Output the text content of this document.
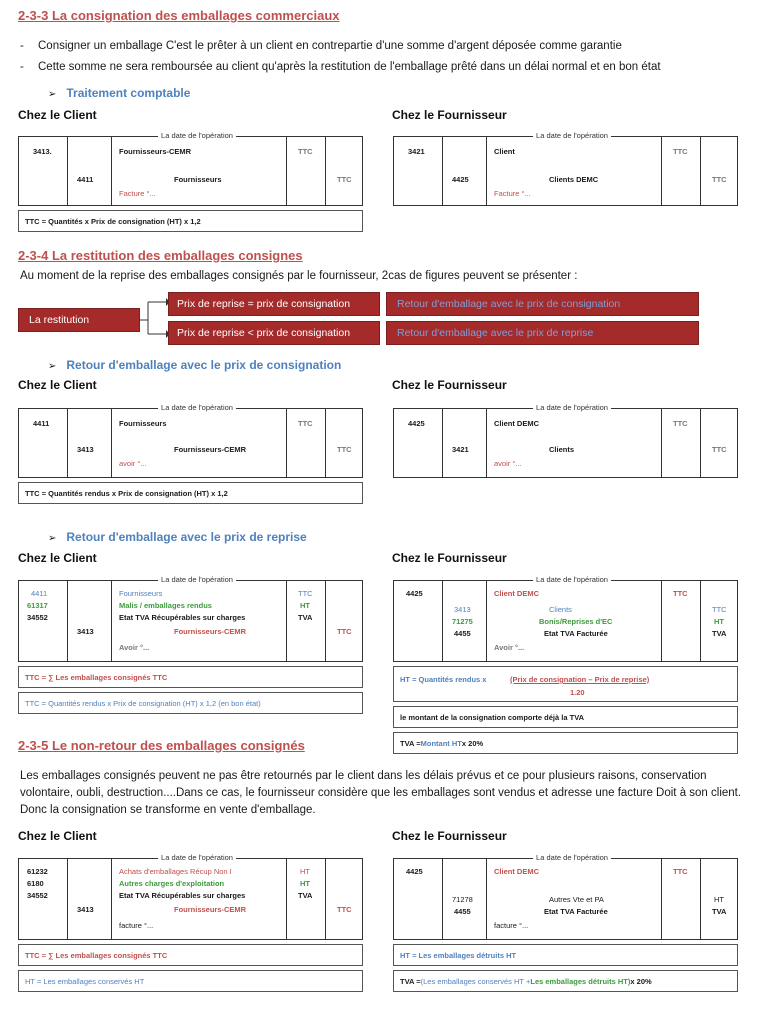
2-3-3 La consignation des emballages commerciaux
- Consigner un emballage C'est le prêter à un client en contrepartie d'une somme d'argent déposée comme garantie
- Cette somme ne sera remboursée au client qu'après la restitution de l'emballage prêté dans un délai normal et en bon état
➢ Traitement comptable
Chez le Client	Chez le Fournisseur
La date de l'opération
3413.	Fournisseurs-CEMR	TTC
4411	Fournisseurs	TTC
Facture °...
TTC = Quantités x Prix de consignation (HT) x 1,2
La date de l'opération
3421	Client	TTC
4425	Clients DEMC	TTC
Facture °...
2-3-4 La restitution des emballages consignes
Au moment de la reprise des emballages consignés par le fournisseur, 2cas de figures peuvent se présenter :
La restitution
Prix de reprise = prix de consignation	Retour d'emballage avec le prix de consignation
Prix de reprise < prix de consignation	Retour d'emballage avec le prix de reprise
➢ Retour d'emballage avec le prix de consignation
Chez le Client	Chez le Fournisseur
La date de l'opération
4411	Fournisseurs	TTC
3413	Fournisseurs-CEMR	TTC
avoir °...
TTC = Quantités rendus x Prix de consignation (HT) x 1,2
La date de l'opération
4425	Client DEMC	TTC
3421	Clients	TTC
avoir °...
➢ Retour d'emballage avec le prix de reprise
Chez le Client	Chez le Fournisseur
La date de l'opération
4411	Fournisseurs	TTC
61317	Malis / emballages rendus	HT
34552	Etat TVA Récupérables sur charges	TVA
3413	Fournisseurs-CEMR	TTC
Avoir °...
TTC = ∑ Les emballages consignés TTC
TTC = Quantités rendus x Prix de consignation (HT) x 1,2 (en bon état)
La date de l'opération
4425	Client DEMC	TTC
3413	Clients	TTC
71275	Bonis/Reprises d'EC	HT
4455	Etat TVA Facturée	TVA
Avoir °...
HT = Quantités rendus x	(Prix de consignation – Prix de reprise)
1.20
le montant de la consignation comporte déjà la TVA
TVA = Montant HT x 20%
2-3-5 Le non-retour des emballages consignés
Les emballages consignés peuvent ne pas être retournés par le client dans les délais prévus et ce pour plusieurs raisons, conservation volontaire, oubli, destruction....Dans ce cas, le fournisseur considère que les emballages sont vendus et adresse une facture Doit à son client. Donc la consignation se transforme en vente d'emballage.
Chez le Client	Chez le Fournisseur
La date de l'opération
61232	Achats d'emballages Récup Non I	HT
6180	Autres charges d'exploitation	HT
34552	Etat TVA Récupérables sur charges	TVA
3413	Fournisseurs-CEMR	TTC
facture °...
TTC = ∑ Les emballages consignés TTC
HT = Les emballages conservés HT
La date de l'opération
4425	Client DEMC	TTC
71278	Autres Vte et PA	HT
4455	Etat TVA Facturée	TVA
facture °...
HT = Les emballages détruits HT
TVA = (Les emballages conservés HT + Les emballages détruits HT) x 20%
